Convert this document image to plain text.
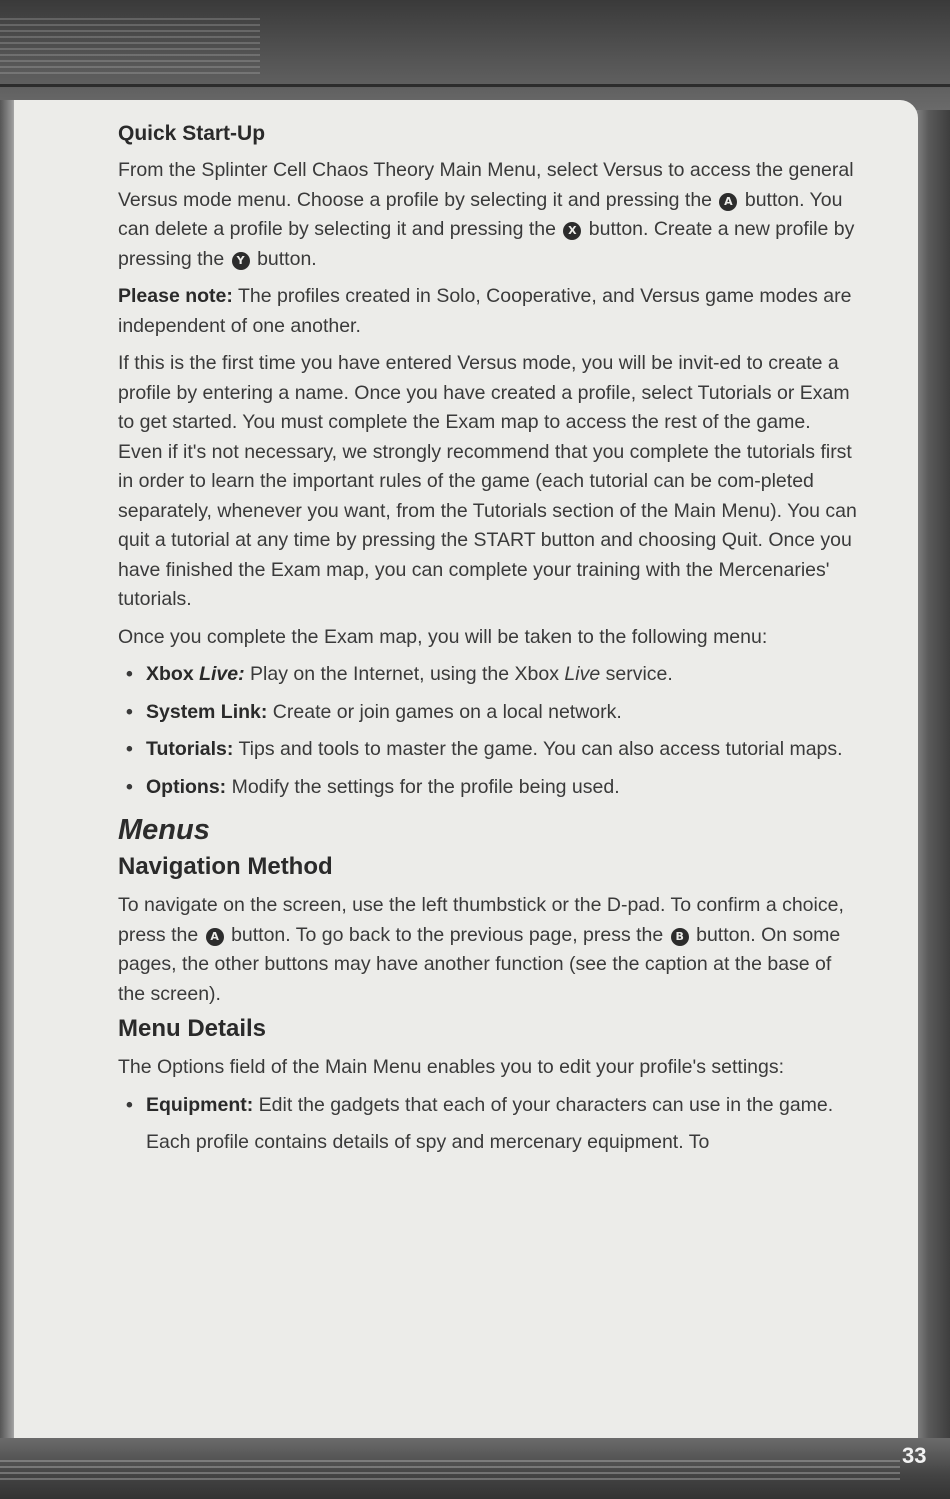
Quick Start-Up

From the Splinter Cell Chaos Theory Main Menu, select Versus to access the general Versus mode menu. Choose a profile by selecting it and pressing the A button. You can delete a profile by selecting it and pressing the X button. Create a new profile by pressing the Y button.

Please note: The profiles created in Solo, Cooperative, and Versus game modes are independent of one another.

If this is the first time you have entered Versus mode, you will be invit-ed to create a profile by entering a name. Once you have created a profile, select Tutorials or Exam to get started. You must complete the Exam map to access the rest of the game. Even if it's not necessary, we strongly recommend that you complete the tutorials first in order to learn the important rules of the game (each tutorial can be com-pleted separately, whenever you want, from the Tutorials section of the Main Menu). You can quit a tutorial at any time by pressing the START button and choosing Quit. Once you have finished the Exam map, you can complete your training with the Mercenaries' tutorials.

Once you complete the Exam map, you will be taken to the following menu:

• Xbox Live: Play on the Internet, using the Xbox Live service.
• System Link: Create or join games on a local network.
• Tutorials: Tips and tools to master the game. You can also access tutorial maps.
• Options: Modify the settings for the profile being used.
Menus
Navigation Method

To navigate on the screen, use the left thumbstick or the D-pad. To confirm a choice, press the A button. To go back to the previous page, press the B button. On some pages, the other buttons may have another function (see the caption at the base of the screen).

Menu Details

The Options field of the Main Menu enables you to edit your profile's settings:

• Equipment: Edit the gadgets that each of your characters can use in the game.

Each profile contains details of spy and mercenary equipment. To

33
